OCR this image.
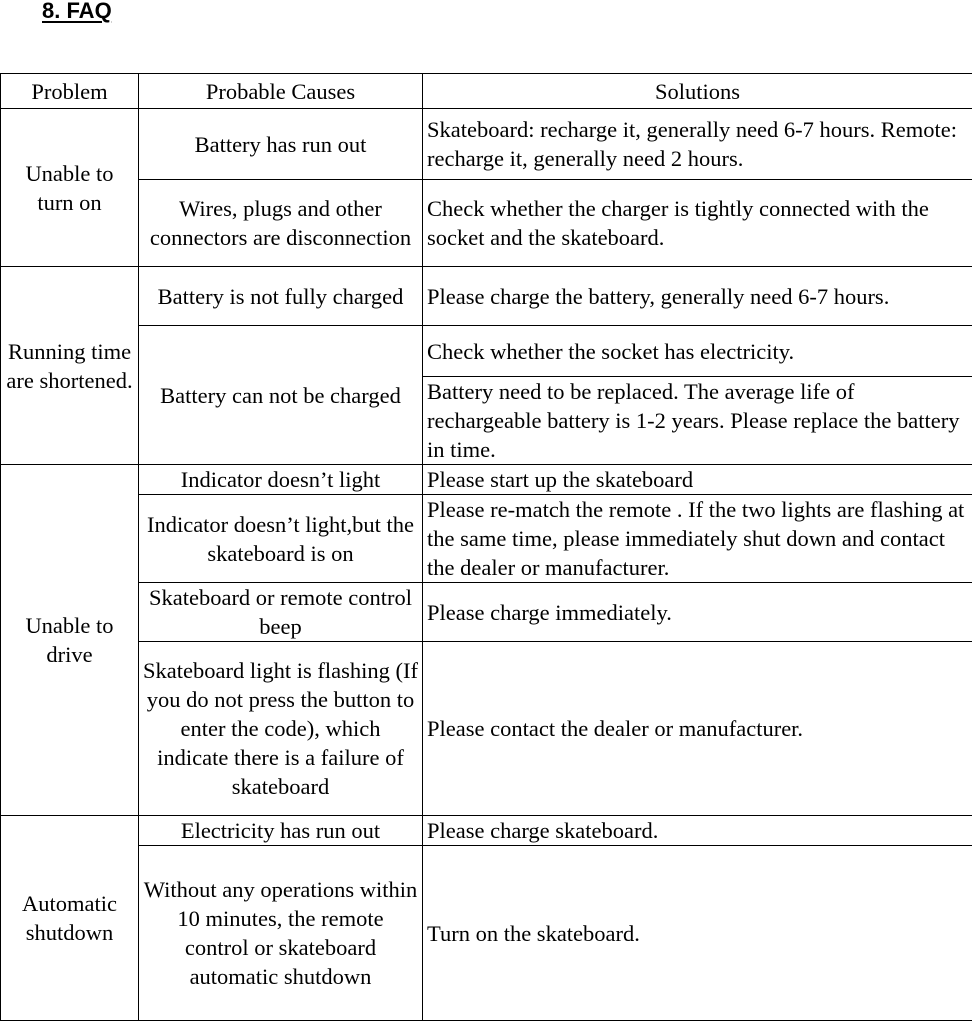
8. FAQ
Problem	Probable Causes	Solutions
Unable to turn on	Battery has run out	Skateboard: recharge it, generally need 6-7 hours. Remote: recharge it, generally need 2 hours.
	Wires, plugs and other connectors are disconnection	Check whether the charger is tightly connected with the socket and the skateboard.
Running time are shortened.	Battery is not fully charged	Please charge the battery, generally need 6-7 hours.
	Battery can not be charged	Check whether the socket has electricity.
		Battery need to be replaced. The average life of rechargeable battery is 1-2 years. Please replace the battery in time.
Unable to drive	Indicator doesn’t light	Please start up the skateboard
	Indicator doesn’t light,but the skateboard is on	Please re-match the remote . If the two lights are flashing at the same time, please immediately shut down and contact the dealer or manufacturer.
	Skateboard or remote control beep	Please charge immediately.
	Skateboard light is flashing (If you do not press the button to enter the code), which indicate there is a failure of skateboard	Please contact the dealer or manufacturer.
Automatic shutdown	Electricity has run out	Please charge skateboard.
	Without any operations within 10 minutes, the remote control or skateboard automatic shutdown	Turn on the skateboard.
